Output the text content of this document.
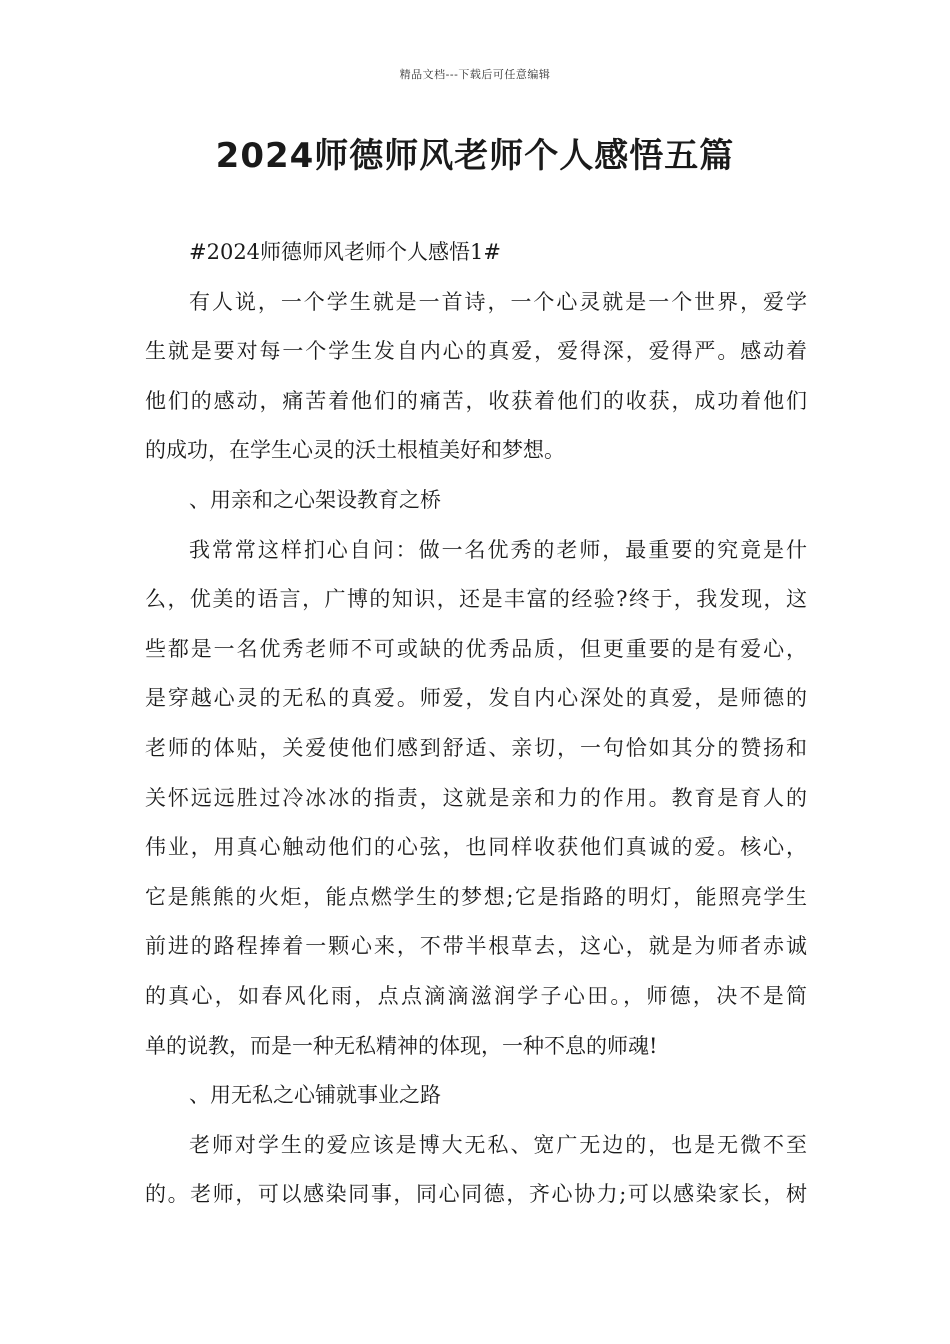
精品文档---下载后可任意编辑
2024师德师风老师个人感悟五篇
#2024师德师风老师个人感悟1#
有人说，一个学生就是一首诗，一个心灵就是一个世界，爱学
生就是要对每一个学生发自内心的真爱，爱得深，爱得严。感动着
他们的感动，痛苦着他们的痛苦，收获着他们的收获，成功着他们
的成功，在学生心灵的沃土根植美好和梦想。
、用亲和之心架设教育之桥
我常常这样扪心自问：做一名优秀的老师，最重要的究竟是什
么，优美的语言，广博的知识，还是丰富的经验?终于，我发现，这
些都是一名优秀老师不可或缺的优秀品质，但更重要的是有爱心，
是穿越心灵的无私的真爱。师爱，发自内心深处的真爱，是师德的
老师的体贴，关爱使他们感到舒适、亲切，一句恰如其分的赞扬和
关怀远远胜过冷冰冰的指责，这就是亲和力的作用。教育是育人的
伟业，用真心触动他们的心弦，也同样收获他们真诚的爱。核心，
它是熊熊的火炬，能点燃学生的梦想;它是指路的明灯，能照亮学生
前进的路程捧着一颗心来，不带半根草去，这心，就是为师者赤诚
的真心，如春风化雨，点点滴滴滋润学子心田。，师德，决不是简
单的说教，而是一种无私精神的体现，一种不息的师魂!
、用无私之心铺就事业之路
老师对学生的爱应该是博大无私、宽广无边的，也是无微不至
的。老师，可以感染同事，同心同德，齐心协力;可以感染家长，树
